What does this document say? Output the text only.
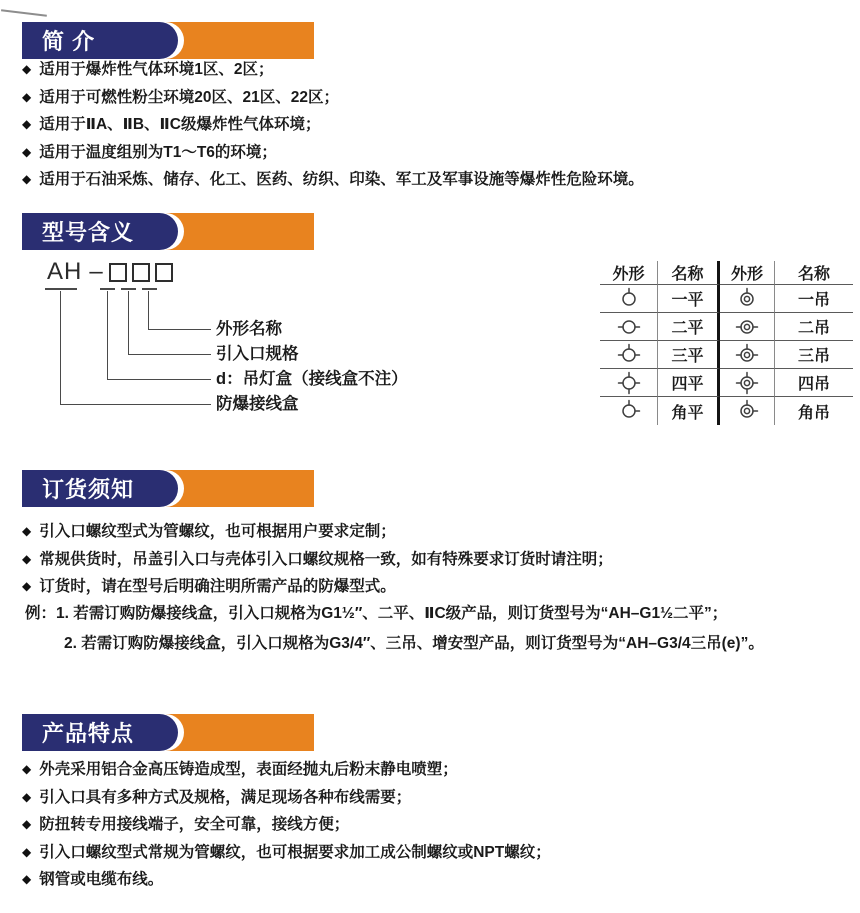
简 介
◆ 适用于爆炸性气体环境1区、2区；
◆ 适用于可燃性粉尘环境20区、21区、22区；
◆ 适用于ⅡA、ⅡB、ⅡC级爆炸性气体环境；
◆ 适用于温度组别为T1～T6的环境；
◆ 适用于石油采炼、储存、化工、医药、纺织、印染、军工及军事设施等爆炸性危险环境。
型号含义
AH –
外形名称
引入口规格
d：吊灯盒（接线盒不注）
防爆接线盒
外形	名称	外形	名称
一平	一吊
二平	二吊
三平	三吊
四平	四吊
角平	角吊
订货须知
◆ 引入口螺纹型式为管螺纹，也可根据用户要求定制；
◆ 常规供货时，吊盖引入口与壳体引入口螺纹规格一致，如有特殊要求订货时请注明；
◆ 订货时，请在型号后明确注明所需产品的防爆型式。
例：1. 若需订购防爆接线盒，引入口规格为G1½″、二平、ⅡC级产品，则订货型号为“AH–G1½二平”；
2. 若需订购防爆接线盒，引入口规格为G3/4″、三吊、增安型产品，则订货型号为“AH–G3/4三吊(e)”。
产品特点
◆ 外壳采用铝合金高压铸造成型，表面经抛丸后粉末静电喷塑；
◆ 引入口具有多种方式及规格，满足现场各种布线需要；
◆ 防扭转专用接线端子，安全可靠，接线方便；
◆ 引入口螺纹型式常规为管螺纹，也可根据要求加工成公制螺纹或NPT螺纹；
◆ 钢管或电缆布线。
